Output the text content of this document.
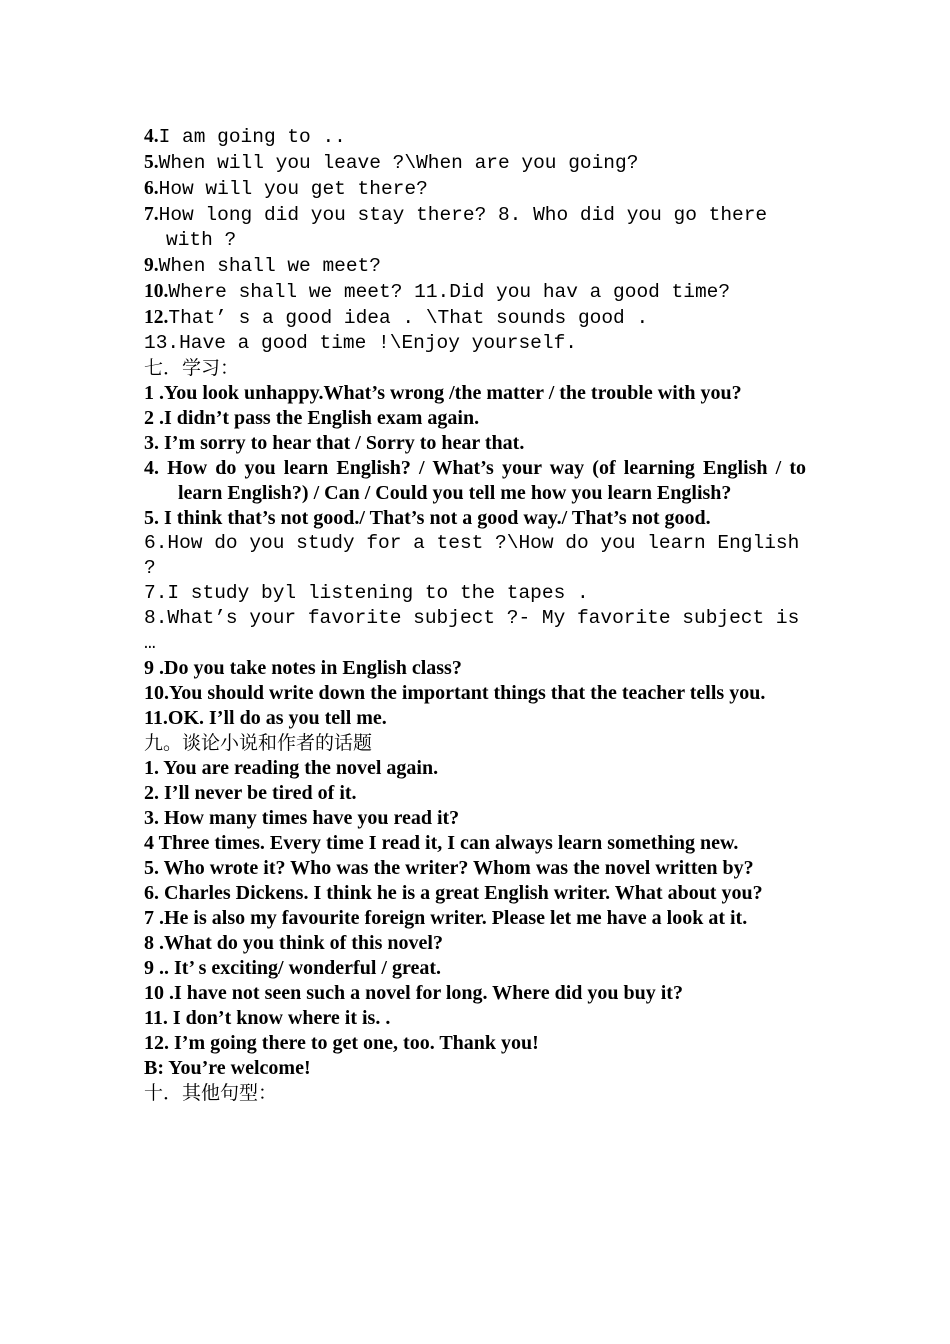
4.I am going to ..

5.When will you leave ?\When are you going?

6.How will you get there?

7.How long did you stay there? 8. Who did you go there with ?

9.When shall we meet?

10.Where shall we meet? 11.Did you hav a good time?

12.That’ s a good idea . \That sounds good .

13.Have a good time !\Enjoy yourself.

七．学习：

1 .You look unhappy.What’s wrong /the matter / the trouble with you?

2 .I didn’t pass the English exam again.

3. I’m sorry to hear that / Sorry to hear that.

4. How do you learn English? / What’s your way (of learning English / to learn English?) / Can / Could you tell me how you learn English?

5. I think that’s not good./ That’s not a good way./ That’s not good.

6.How do you study for a test ?\How do you learn English ?

7.I study byl listening to the tapes .

8.What’s your favorite subject ?- My favorite subject is …

9 .Do you take notes in English class?

10.You should write down the important things that the teacher tells you.

11.OK. I’ll do as you tell me.

九。谈论小说和作者的话题

1. You are reading the novel again.

2. I’ll never be tired of it.

3. How many times have you read it?

4 Three times. Every time I read it, I can always learn something new.

5. Who wrote it? Who was the writer? Whom was the novel written by?

6. Charles Dickens. I think he is a great English writer. What about you?

7 .He is also my favourite foreign writer. Please let me have a look at it.

8 .What do you think of this novel?

9 .. It’ s exciting/ wonderful / great.

10 .I have not seen such a novel for long. Where did you buy it?

11. I don’t know where it is. .

12. I’m going there to get one, too. Thank you!

B: You’re welcome!

十．其他句型：
